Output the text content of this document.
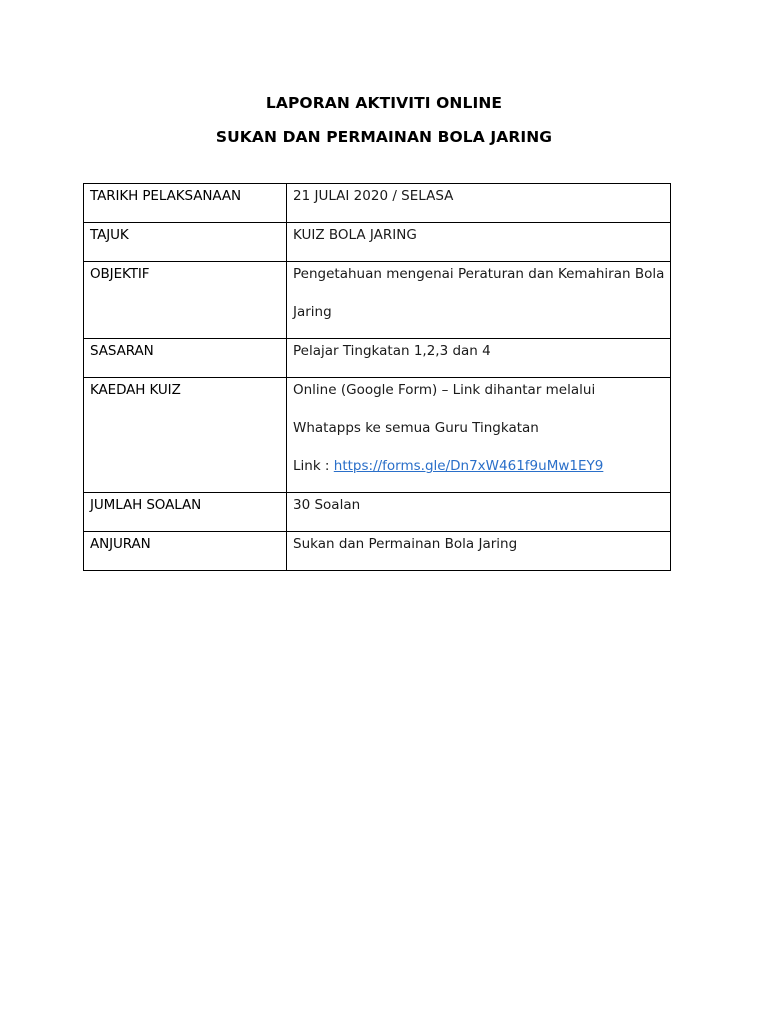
LAPORAN AKTIVITI ONLINE
SUKAN DAN PERMAINAN BOLA JARING
TARIKH PELAKSANAAN	21 JULAI 2020 / SELASA

TAJUK	KUIZ BOLA JARING

OBJEKTIF	Pengetahuan mengenai Peraturan dan Kemahiran Bola
Jaring

SASARAN	Pelajar Tingkatan 1,2,3 dan 4

KAEDAH KUIZ	Online (Google Form) – Link dihantar melalui
Whatapps ke semua Guru Tingkatan
Link : https://forms.gle/Dn7xW461f9uMw1EY9

JUMLAH SOALAN	30 Soalan

ANJURAN	Sukan dan Permainan Bola Jaring
